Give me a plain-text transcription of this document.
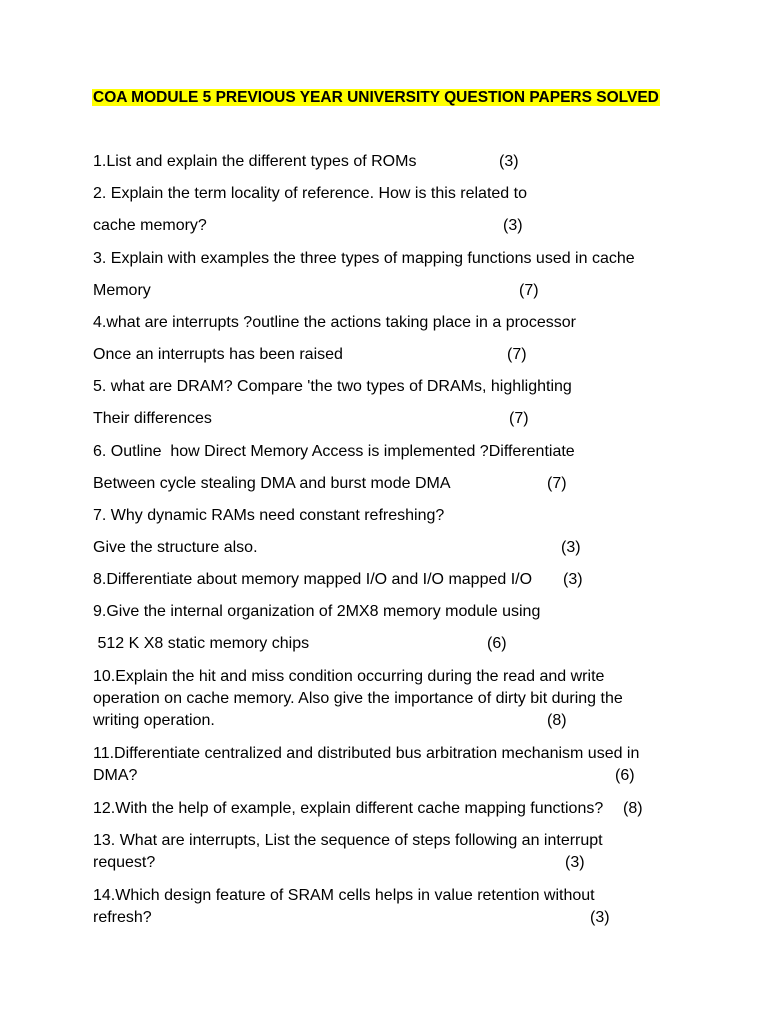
COA MODULE 5 PREVIOUS YEAR UNIVERSITY QUESTION PAPERS SOLVED
1.List and explain the different types of ROMs	(3)
2. Explain the term locality of reference. How is this related to
cache memory?	(3)
3. Explain with examples the three types of mapping functions used in cache
Memory	(7)
4.what are interrupts ?outline the actions taking place in a processor
Once an interrupts has been raised	(7)
5. what are DRAM? Compare 'the two types of DRAMs, highlighting
Their differences	(7)
6. Outline  how Direct Memory Access is implemented ?Differentiate
Between cycle stealing DMA and burst mode DMA	(7)
7. Why dynamic RAMs need constant refreshing?
Give the structure also.	(3)
8.Differentiate about memory mapped I/O and I/O mapped I/O (3)
9.Give the internal organization of 2MX8 memory module using
512 K X8 static memory chips	(6)
10.Explain the hit and miss condition occurring during the read and write
operation on cache memory. Also give the importance of dirty bit during the
writing operation.	(8)
11.Differentiate centralized and distributed bus arbitration mechanism used in
DMA?	(6)
12.With the help of example, explain different cache mapping functions? (8)
13. What are interrupts, List the sequence of steps following an interrupt
request?	(3)
14.Which design feature of SRAM cells helps in value retention without
refresh?	(3)
